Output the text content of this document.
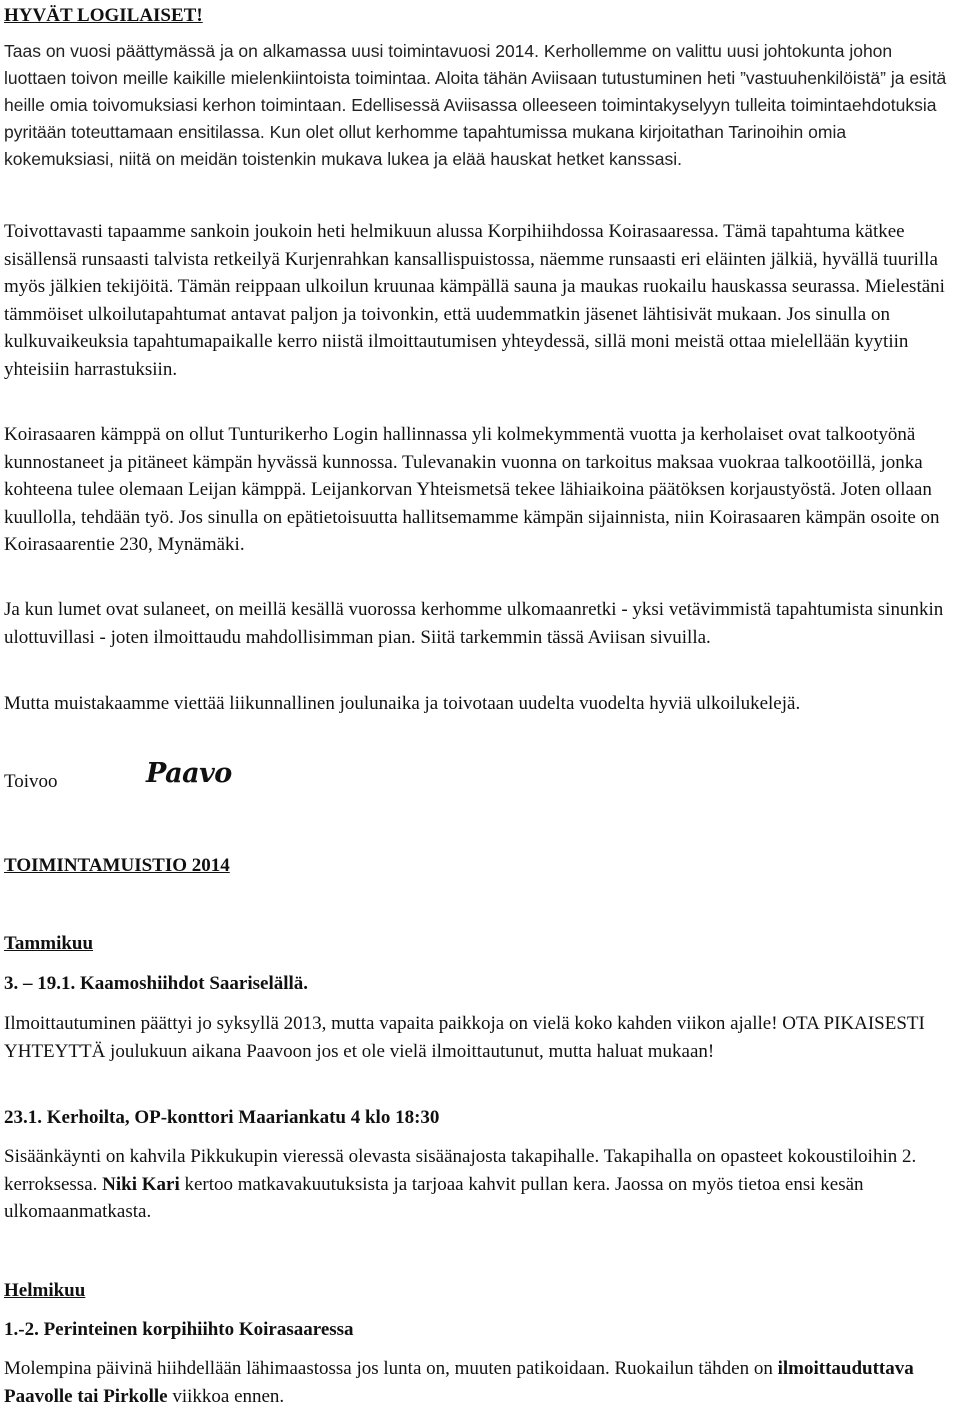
HYVÄT LOGILAISET!

Taas on vuosi päättymässä ja on alkamassa uusi toimintavuosi 2014. Kerhollemme on valittu uusi johtokunta johon luottaen toivon meille kaikille mielenkiintoista toimintaa. Aloita tähän Aviisaan tutustuminen heti ”vastuuhenkilöistä” ja esitä heille omia toivomuksiasi kerhon toimintaan. Edellisessä Aviisassa olleeseen toimintakyselyyn tulleita toimintaehdotuksia pyritään toteuttamaan ensitilassa. Kun olet ollut kerhomme tapahtumissa mukana kirjoitathan Tarinoihin omia kokemuksiasi, niitä on meidän toistenkin mukava lukea ja elää hauskat hetket kanssasi.

Toivottavasti tapaamme sankoin joukoin heti helmikuun alussa Korpihiihdossa Koirasaaressa. Tämä tapahtuma kätkee sisällensä runsaasti talvista retkeilyä Kurjenrahkan kansallispuistossa, näemme runsaasti eri eläinten jälkiä, hyvällä tuurilla myös jälkien tekijöitä. Tämän reippaan ulkoilun kruunaa kämpällä sauna ja maukas ruokailu hauskassa seurassa. Mielestäni tämmöiset ulkoilutapahtumat antavat paljon ja toivonkin, että uudemmatkin jäsenet lähtisivät mukaan. Jos sinulla on kulkuvaikeuksia tapahtumapaikalle kerro niistä ilmoittautumisen yhteydessä, sillä moni meistä ottaa mielellään kyytiin yhteisiin harrastuksiin.

Koirasaaren kämppä on ollut Tunturikerho Login hallinnassa yli kolmekymmentä vuotta ja kerholaiset ovat talkootyönä kunnostaneet ja pitäneet kämpän hyvässä kunnossa. Tulevanakin vuonna on tarkoitus maksaa vuokraa talkootöillä, jonka kohteena tulee olemaan Leijan kämppä. Leijankorvan Yhteismetsä tekee lähiaikoina päätöksen korjaustyöstä. Joten ollaan kuullolla, tehdään työ. Jos sinulla on epätietoisuutta hallitsemamme kämpän sijainnista, niin Koirasaaren kämpän osoite on Koirasaarentie 230, Mynämäki.

Ja kun lumet ovat sulaneet, on meillä kesällä vuorossa kerhomme ulkomaanretki - yksi vetävimmistä tapahtumista sinunkin ulottuvillasi - joten ilmoittaudu mahdollisimman pian. Siitä tarkemmin tässä Aviisan sivuilla.

Mutta muistakaamme viettää liikunnallinen joulunaika ja toivotaan uudelta vuodelta hyviä ulkoilukelejä.

Toivoo	Paavo
TOIMINTAMUISTIO 2014
Tammikuu
3. – 19.1. Kaamoshiihdot Saariselällä.

Ilmoittautuminen päättyi jo syksyllä 2013, mutta vapaita paikkoja on vielä koko kahden viikon ajalle! OTA PIKAISESTI YHTEYTTÄ joulukuun aikana Paavoon jos et ole vielä ilmoittautunut, mutta haluat mukaan!

23.1. Kerhoilta, OP-konttori Maariankatu 4 klo 18:30

Sisäänkäynti on kahvila Pikkukupin vieressä olevasta sisäänajosta takapihalle. Takapihalla on opasteet kokoustiloihin 2. kerroksessa. Niki Kari kertoo matkavakuutuksista ja tarjoaa kahvit pullan kera. Jaossa on myös tietoa ensi kesän ulkomaanmatkasta.

Helmikuu
1.-2. Perinteinen korpihiihto Koirasaaressa

Molempina päivinä hiihdellään lähimaastossa jos lunta on, muuten patikoidaan. Ruokailun tähden on ilmoittauduttava Paavolle tai Pirkolle viikkoa ennen.
